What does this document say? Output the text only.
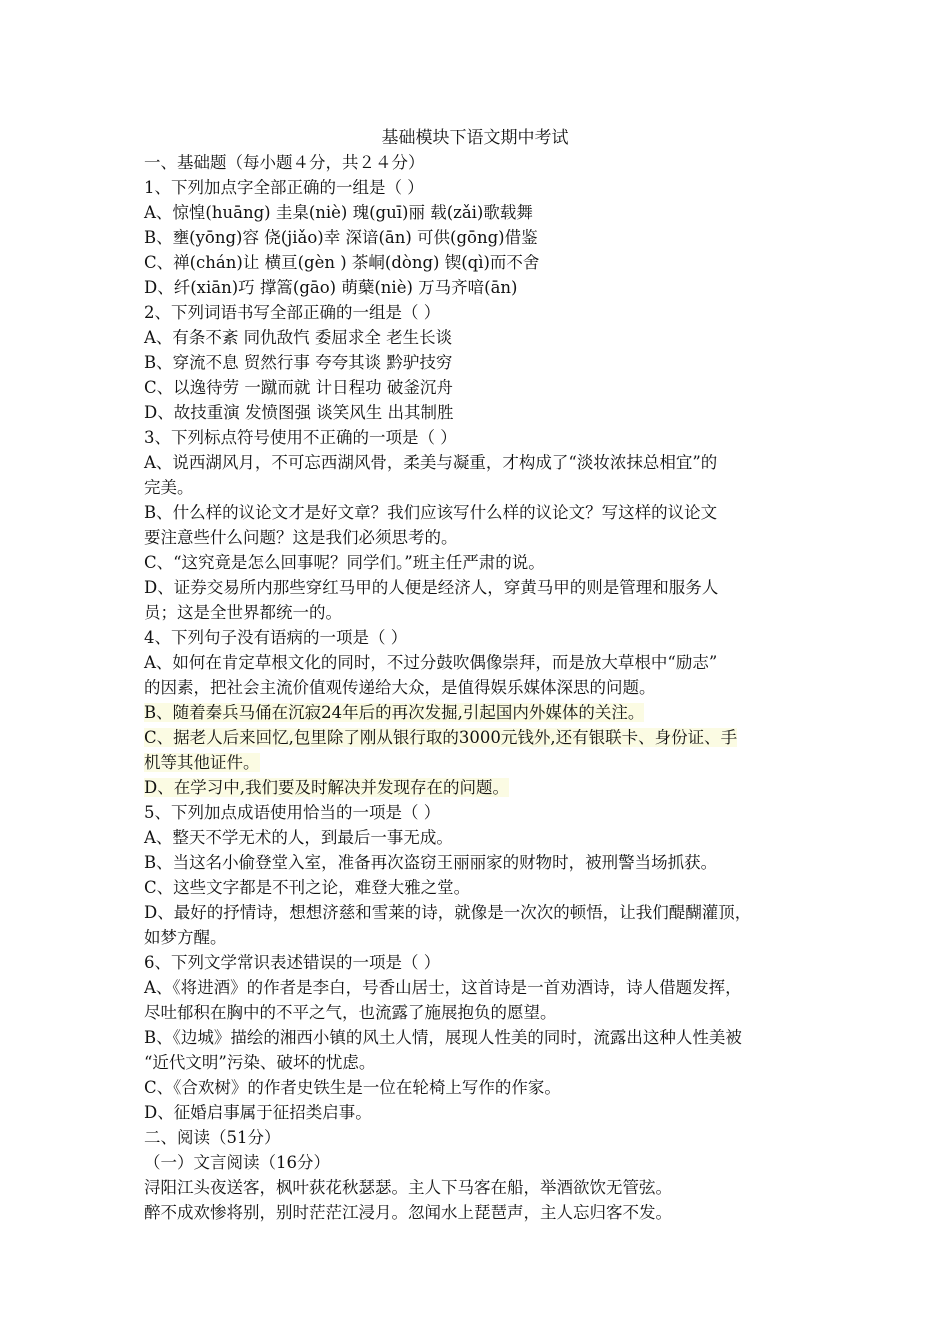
基础模块下语文期中考试
一、基础题（每小题４分，共２４分）
1、下列加点字全部正确的一组是（ ）
A、惊惶(huāng) 圭臬(niè) 瑰(guī)丽 载(zǎi)歌载舞
B、壅(yōng)容 侥(jiǎo)幸 深谙(ān) 可供(gōng)借鉴
C、禅(chán)让 横亘(gèn ) 茶峒(dòng) 锲(qì)而不舍
D、纤(xiān)巧 撑篙(gāo) 萌蘖(niè) 万马齐喑(ān)
2、下列词语书写全部正确的一组是（ ）
A、有条不紊 同仇敌忾 委屈求全 老生长谈
B、穿流不息 贸然行事 夸夸其谈 黔驴技穷
C、以逸待劳 一蹴而就 计日程功 破釜沉舟
D、故技重演 发愤图强 谈笑风生 出其制胜
3、下列标点符号使用不正确的一项是（ ）
A、说西湖风月，不可忘西湖风骨，柔美与凝重，才构成了“淡妆浓抹总相宜”的
完美。
B、什么样的议论文才是好文章？我们应该写什么样的议论文？写这样的议论文
要注意些什么问题？这是我们必须思考的。
C、“这究竟是怎么回事呢？同学们。”班主任严肃的说。
D、证券交易所内那些穿红马甲的人便是经济人，穿黄马甲的则是管理和服务人
员；这是全世界都统一的。
4、下列句子没有语病的一项是（ ）
A、如何在肯定草根文化的同时，不过分鼓吹偶像崇拜，而是放大草根中“励志”
的因素，把社会主流价值观传递给大众，是值得娱乐媒体深思的问题。
B、随着秦兵马俑在沉寂24年后的再次发掘,引起国内外媒体的关注。
C、据老人后来回忆,包里除了刚从银行取的3000元钱外,还有银联卡、身份证、手
机等其他证件。
D、在学习中,我们要及时解决并发现存在的问题。
5、下列加点成语使用恰当的一项是（ ）
A、整天不学无术的人，到最后一事无成。
B、当这名小偷登堂入室，准备再次盗窃王丽丽家的财物时，被刑警当场抓获。
C、这些文字都是不刊之论，难登大雅之堂。
D、最好的抒情诗，想想济慈和雪莱的诗，就像是一次次的顿悟，让我们醍醐灌顶，
如梦方醒。
6、下列文学常识表述错误的一项是（ ）
A、《将进酒》的作者是李白，号香山居士，这首诗是一首劝酒诗，诗人借题发挥，
尽吐郁积在胸中的不平之气，也流露了施展抱负的愿望。
B、《边城》描绘的湘西小镇的风土人情，展现人性美的同时，流露出这种人性美被
“近代文明”污染、破坏的忧虑。
C、《合欢树》的作者史铁生是一位在轮椅上写作的作家。
D、征婚启事属于征招类启事。
二、阅读（51分）
（一）文言阅读（16分）
浔阳江头夜送客，枫叶荻花秋瑟瑟。主人下马客在船，举酒欲饮无管弦。
醉不成欢惨将别，别时茫茫江浸月。忽闻水上琵琶声，主人忘归客不发。
